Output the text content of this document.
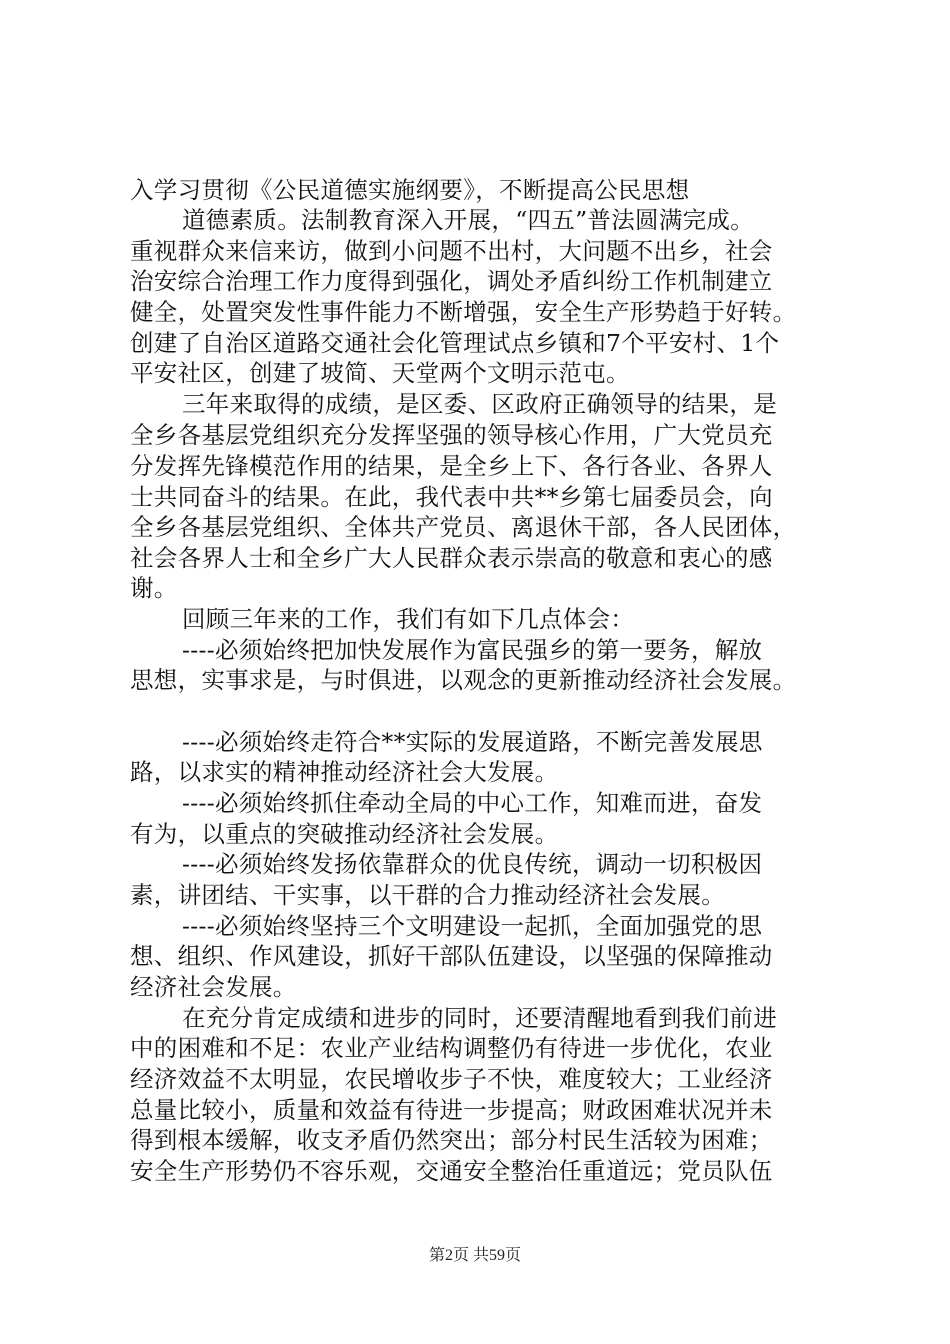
入学习贯彻《公民道德实施纲要》，不断提高公民思想
道德素质。法制教育深入开展，“四五”普法圆满完成。
重视群众来信来访，做到小问题不出村，大问题不出乡，社会
治安综合治理工作力度得到强化，调处矛盾纠纷工作机制建立
健全，处置突发性事件能力不断增强，安全生产形势趋于好转。
创建了自治区道路交通社会化管理试点乡镇和7个平安村、1个
平安社区，创建了坡简、天堂两个文明示范屯。
三年来取得的成绩，是区委、区政府正确领导的结果，是
全乡各基层党组织充分发挥坚强的领导核心作用，广大党员充
分发挥先锋模范作用的结果，是全乡上下、各行各业、各界人
士共同奋斗的结果。在此，我代表中共**乡第七届委员会，向
全乡各基层党组织、全体共产党员、离退休干部，各人民团体，
社会各界人士和全乡广大人民群众表示崇高的敬意和衷心的感
谢。
回顾三年来的工作，我们有如下几点体会：
----必须始终把加快发展作为富民强乡的第一要务，解放
思想，实事求是，与时俱进，以观念的更新推动经济社会发展。
----必须始终走符合**实际的发展道路，不断完善发展思
路，以求实的精神推动经济社会大发展。
----必须始终抓住牵动全局的中心工作，知难而进，奋发
有为，以重点的突破推动经济社会发展。
----必须始终发扬依靠群众的优良传统，调动一切积极因
素，讲团结、干实事，以干群的合力推动经济社会发展。
----必须始终坚持三个文明建设一起抓，全面加强党的思
想、组织、作风建设，抓好干部队伍建设，以坚强的保障推动
经济社会发展。
在充分肯定成绩和进步的同时，还要清醒地看到我们前进
中的困难和不足：农业产业结构调整仍有待进一步优化，农业
经济效益不太明显，农民增收步子不快，难度较大；工业经济
总量比较小，质量和效益有待进一步提高；财政困难状况并未
得到根本缓解，收支矛盾仍然突出；部分村民生活较为困难；
安全生产形势仍不容乐观，交通安全整治任重道远；党员队伍
第2页 共59页
